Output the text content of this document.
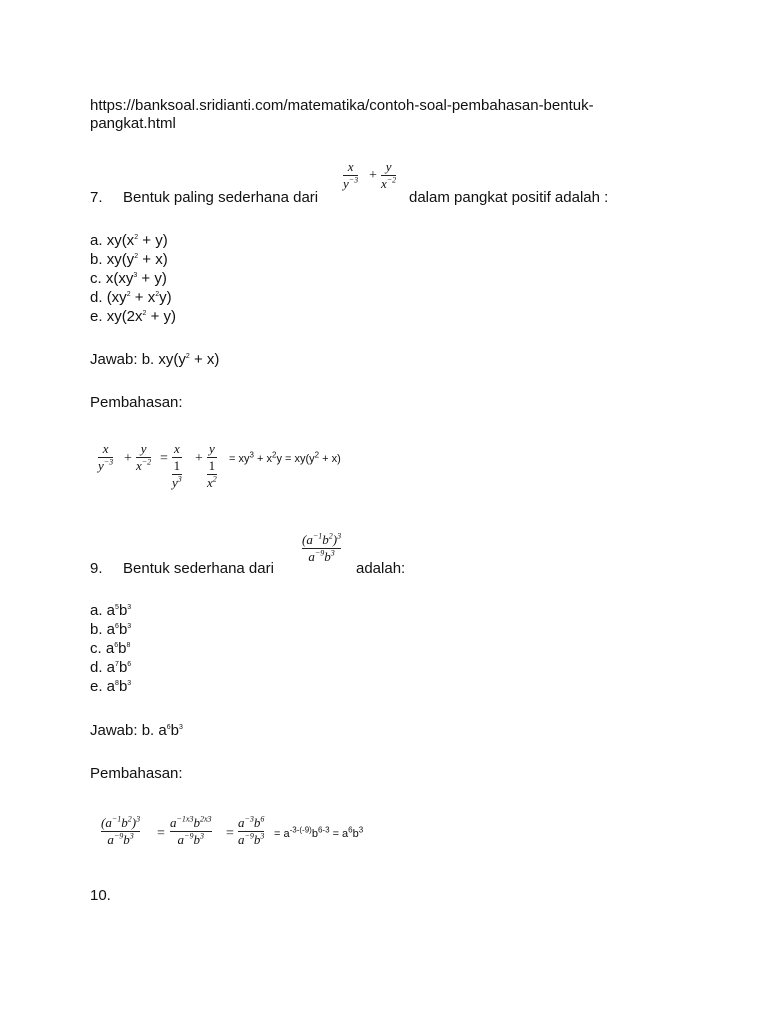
https://banksoal.sridianti.com/matematika/contoh-soal-pembahasan-bentuk-
pangkat.html
7. Bentuk paling sederhana dari
x
$y^{-3}$ +
y
$x^{-2}$
dalam pangkat positif adalah :
a. $xy(x^2 + y)$
b. $xy(y^2 + x)$
c. $x(xy^3 + y)$
d. $(xy^2 + x^2y)$
e. $xy(2x^2 + y)$
Jawab: b. $xy(y^2 + x)$
Pembahasan:
x
$y^{-3}$ +
y
$x^{-2}$ =
x
1
$y^3$
+
y
1
$x^2$
= $xy^3 + x^2y = xy(y^2 + x)$
9. Bentuk sederhana dari
$(a^{-1}b^2)^3$
$a^{-9}b^3$
adalah:
a. $a^5b^3$
b. $a^6b^3$
c. $a^6b^8$
d. $a^7b^6$
e. $a^8b^3$
Jawab: b. $a^6b^3$
Pembahasan:
$(a^{-1}b^2)^3$
$a^{-9}b^3$ =
$a^{-1x3}b^{2x3}$
$a^{-9}b^3$ =
$a^{-3}b^6$
$a^{-9}b^3 = a^{-3-(-9)}b^{6-3} = a^6b^3$
10.
